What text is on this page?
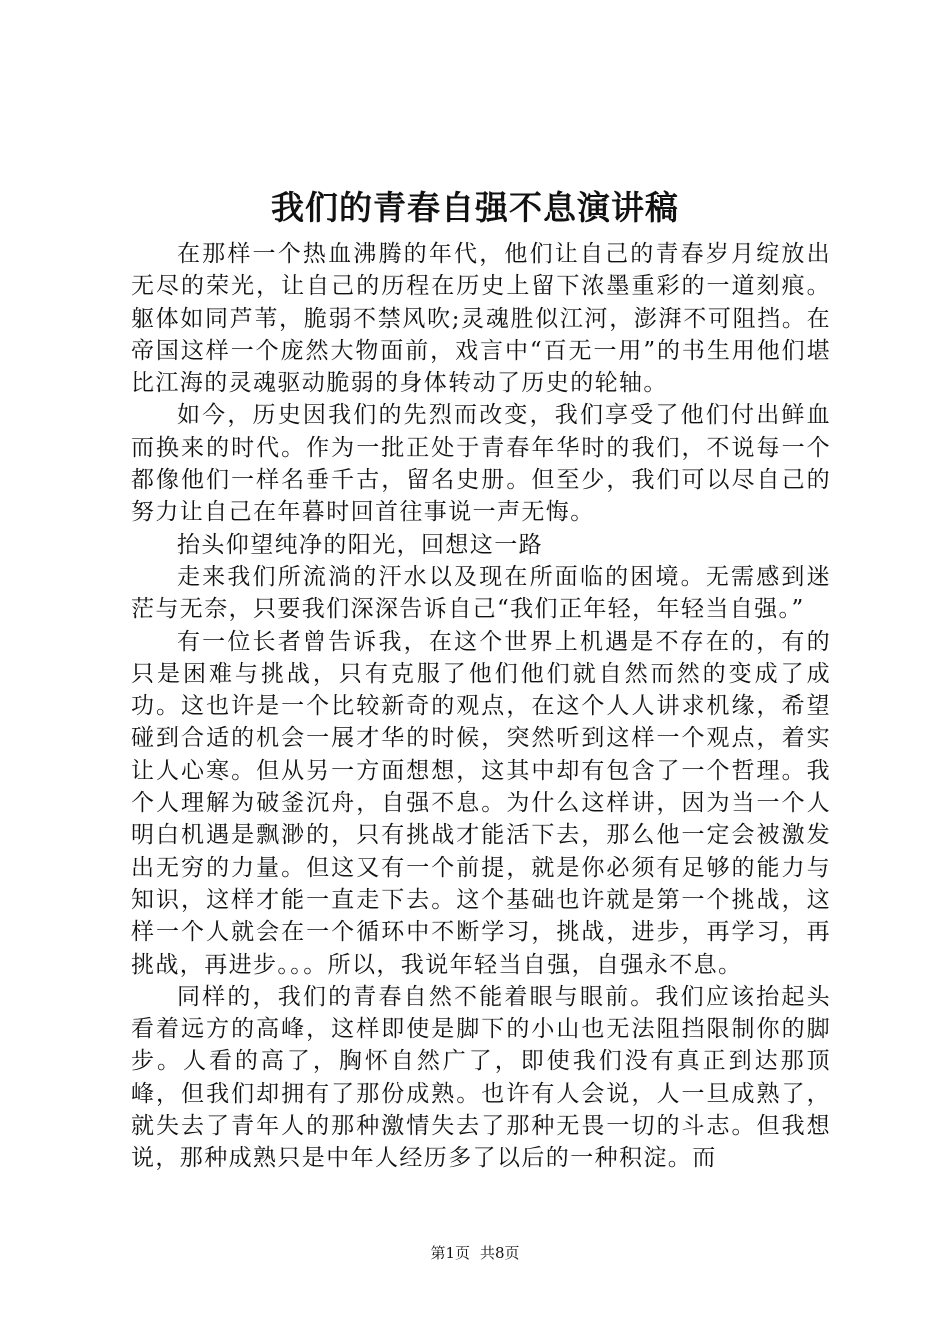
我们的青春自强不息演讲稿

在那样一个热血沸腾的年代，他们让自己的青春岁月绽放出无尽的荣光，让自己的历程在历史上留下浓墨重彩的一道刻痕。躯体如同芦苇，脆弱不禁风吹;灵魂胜似江河，澎湃不可阻挡。在帝国这样一个庞然大物面前，戏言中“百无一用”的书生用他们堪比江海的灵魂驱动脆弱的身体转动了历史的轮轴。

如今，历史因我们的先烈而改变，我们享受了他们付出鲜血而换来的时代。作为一批正处于青春年华时的我们，不说每一个都像他们一样名垂千古，留名史册。但至少，我们可以尽自己的努力让自己在年暮时回首往事说一声无悔。

抬头仰望纯净的阳光，回想这一路

走来我们所流淌的汗水以及现在所面临的困境。无需感到迷茫与无奈，只要我们深深告诉自己“我们正年轻，年轻当自强。”

有一位长者曾告诉我，在这个世界上机遇是不存在的，有的只是困难与挑战，只有克服了他们他们就自然而然的变成了成功。这也许是一个比较新奇的观点，在这个人人讲求机缘，希望碰到合适的机会一展才华的时候，突然听到这样一个观点，着实让人心寒。但从另一方面想想，这其中却有包含了一个哲理。我个人理解为破釜沉舟，自强不息。为什么这样讲，因为当一个人明白机遇是飘渺的，只有挑战才能活下去，那么他一定会被激发出无穷的力量。但这又有一个前提，就是你必须有足够的能力与知识，这样才能一直走下去。这个基础也许就是第一个挑战，这样一个人就会在一个循环中不断学习，挑战，进步，再学习，再挑战，再进步。。。所以，我说年轻当自强，自强永不息。

同样的，我们的青春自然不能着眼与眼前。我们应该抬起头看着远方的高峰，这样即使是脚下的小山也无法阻挡限制你的脚步。人看的高了，胸怀自然广了，即使我们没有真正到达那顶峰，但我们却拥有了那份成熟。也许有人会说，人一旦成熟了，就失去了青年人的那种激情失去了那种无畏一切的斗志。但我想说，那种成熟只是中年人经历多了以后的一种积淀。而

第1页 共8页
